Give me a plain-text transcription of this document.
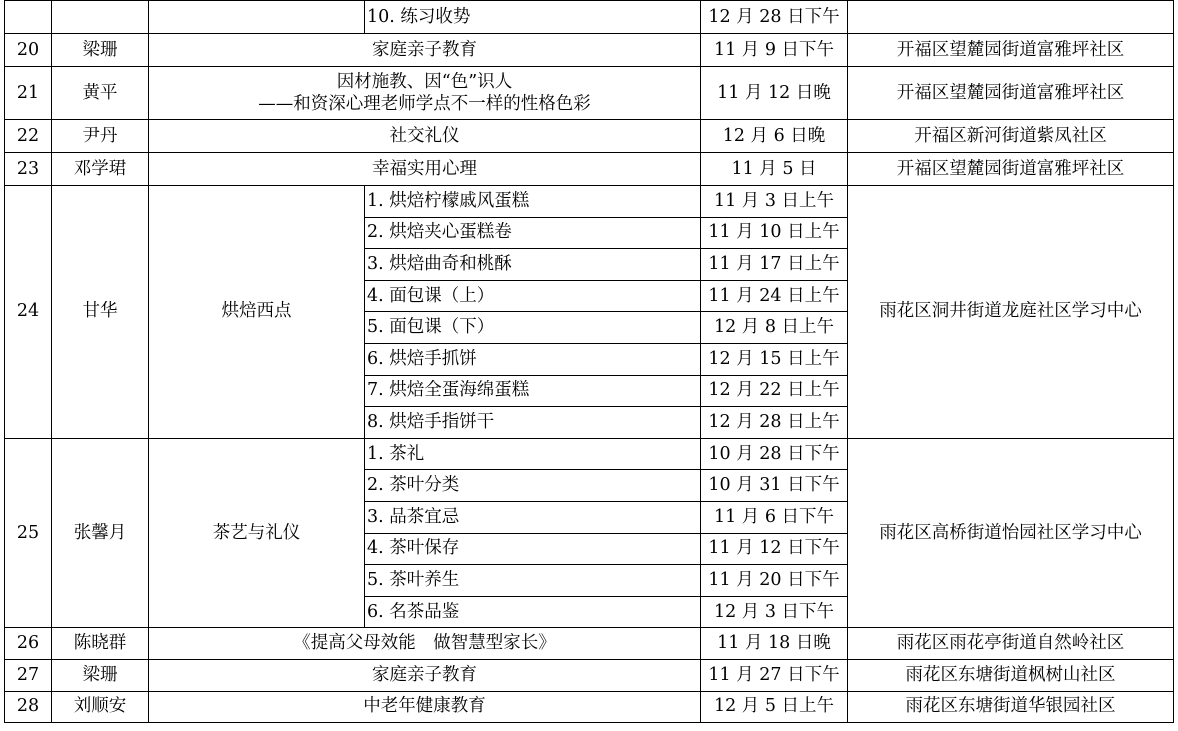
			10. 练习收势	12 月 28 日下午	
20	梁珊	家庭亲子教育		11 月 9 日下午	开福区望麓园街道富雅坪社区
21	黄平	因材施教、因“色”识人
——和资深心理老师学点不一样的性格色彩		11 月 12 日晚	开福区望麓园街道富雅坪社区
22	尹丹	社交礼仪		12 月 6 日晚	开福区新河街道紫凤社区
23	邓学珺	幸福实用心理		11 月 5 日	开福区望麓园街道富雅坪社区
24	甘华	烘焙西点	1. 烘焙柠檬戚风蛋糕	11 月 3 日上午	雨花区洞井街道龙庭社区学习中心
			2. 烘焙夹心蛋糕卷	11 月 10 日上午	
			3. 烘焙曲奇和桃酥	11 月 17 日上午	
			4. 面包课（上）	11 月 24 日上午	
			5. 面包课（下）	12 月 8 日上午	
			6. 烘焙手抓饼	12 月 15 日上午	
			7. 烘焙全蛋海绵蛋糕	12 月 22 日上午	
			8. 烘焙手指饼干	12 月 28 日上午	
25	张馨月	茶艺与礼仪	1. 茶礼	10 月 28 日下午	雨花区高桥街道怡园社区学习中心
			2. 茶叶分类	10 月 31 日下午	
			3. 品茶宜忌	11 月 6 日下午	
			4. 茶叶保存	11 月 12 日下午	
			5. 茶叶养生	11 月 20 日下午	
			6. 名茶品鉴	12 月 3 日下午	
26	陈晓群	《提高父母效能　做智慧型家长》		11 月 18 日晚	雨花区雨花亭街道自然岭社区
27	梁珊	家庭亲子教育		11 月 27 日下午	雨花区东塘街道枫树山社区
28	刘顺安	中老年健康教育		12 月 5 日上午	雨花区东塘街道华银园社区
